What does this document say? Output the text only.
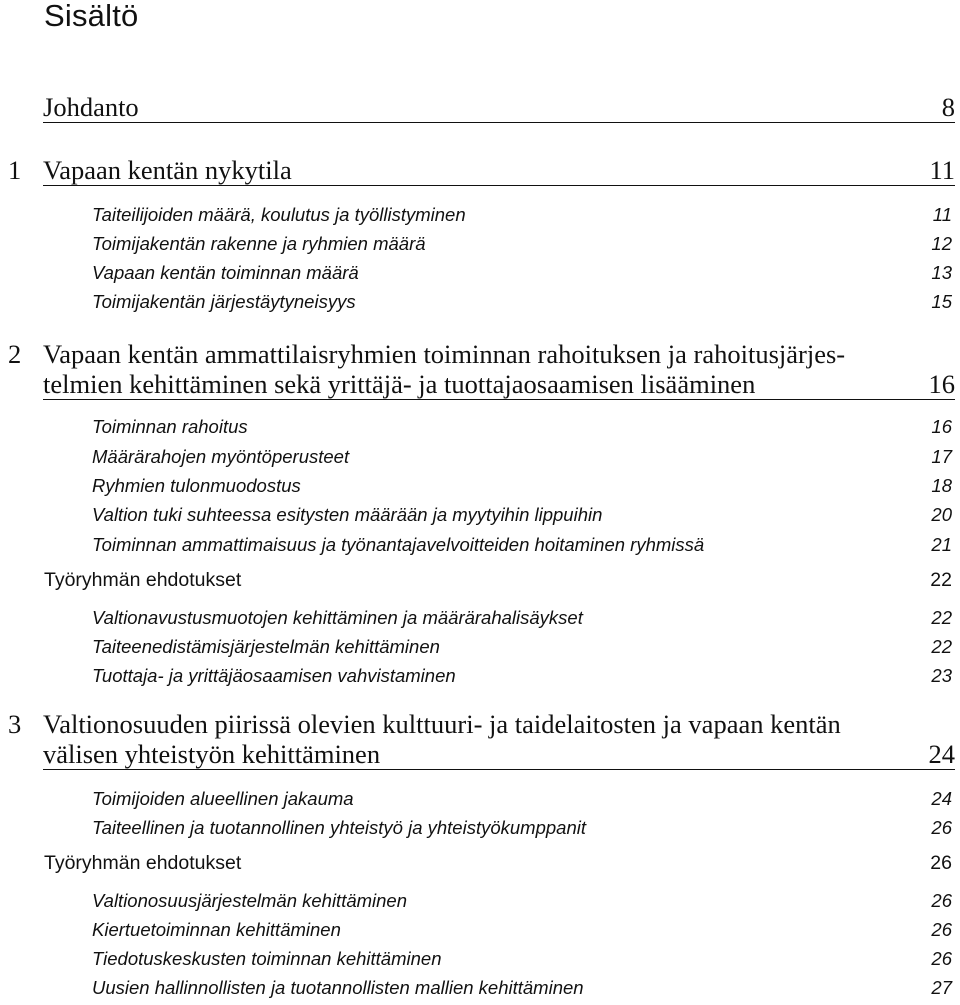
Sisältö
Johdanto	8
1 Vapaan kentän nykytila	11
Taiteilijoiden määrä, koulutus ja työllistyminen	11
Toimijakentän rakenne ja ryhmien määrä	12
Vapaan kentän toiminnan määrä	13
Toimijakentän järjestäytyneisyys	15
2 Vapaan kentän ammattilaisryhmien toiminnan rahoituksen ja rahoitusjärjes-
telmien kehittäminen sekä yrittäjä- ja tuottajaosaamisen lisääminen	16
Toiminnan rahoitus	16
Määrärahojen myöntöperusteet	17
Ryhmien tulonmuodostus	18
Valtion tuki suhteessa esitysten määrään ja myytyihin lippuihin	20
Toiminnan ammattimaisuus ja työnantajavelvoitteiden hoitaminen ryhmissä	21
Työryhmän ehdotukset	22
Valtionavustusmuotojen kehittäminen ja määrärahalisäykset	22
Taiteenedistämisjärjestelmän kehittäminen	22
Tuottaja- ja yrittäjäosaamisen vahvistaminen	23
3 Valtionosuuden piirissä olevien kulttuuri- ja taidelaitosten ja vapaan kentän
välisen yhteistyön kehittäminen	24
Toimijoiden alueellinen jakauma	24
Taiteellinen ja tuotannollinen yhteistyö ja yhteistyökumppanit	26
Työryhmän ehdotukset	26
Valtionosuusjärjestelmän kehittäminen	26
Kiertuetoiminnan kehittäminen	26
Tiedotuskeskusten toiminnan kehittäminen	26
Uusien hallinnollisten ja tuotannollisten mallien kehittäminen	27
